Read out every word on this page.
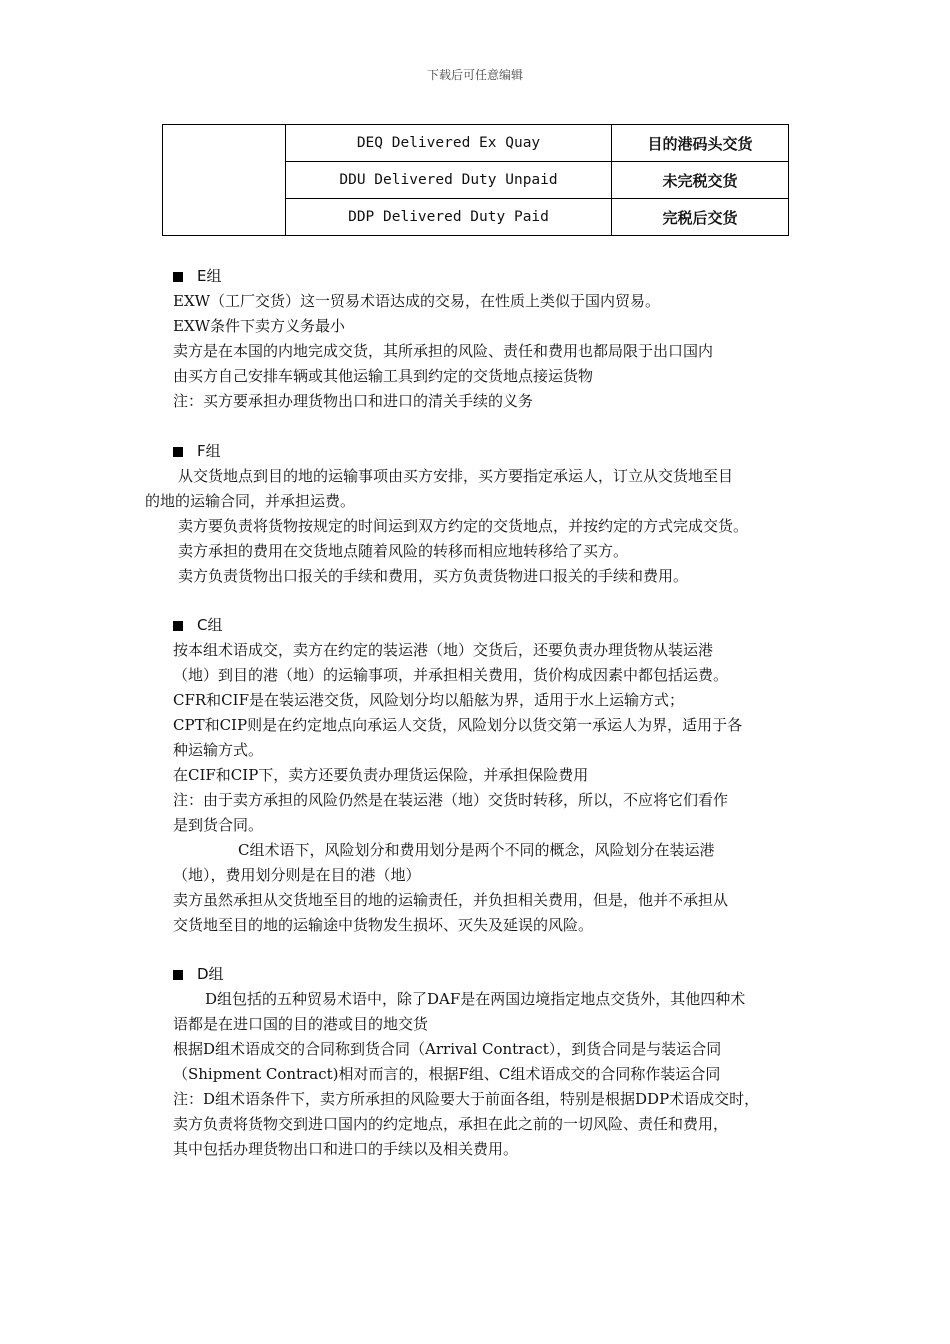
下载后可任意编辑
	DEQ Delivered Ex Quay	目的港码头交货
	DDU Delivered Duty Unpaid	未完税交货
	DDP Delivered Duty Paid	完税后交货
E组
EXW（工厂交货）这一贸易术语达成的交易，在性质上类似于国内贸易。
EXW条件下卖方义务最小
卖方是在本国的内地完成交货，其所承担的风险、责任和费用也都局限于出口国内
由买方自己安排车辆或其他运输工具到约定的交货地点接运货物
注：买方要承担办理货物出口和进口的清关手续的义务
F组
从交货地点到目的地的运输事项由买方安排，买方要指定承运人，订立从交货地至目
的地的运输合同，并承担运费。
卖方要负责将货物按规定的时间运到双方约定的交货地点，并按约定的方式完成交货。
卖方承担的费用在交货地点随着风险的转移而相应地转移给了买方。
卖方负责货物出口报关的手续和费用，买方负责货物进口报关的手续和费用。
C组
按本组术语成交，卖方在约定的装运港（地）交货后，还要负责办理货物从装运港
（地）到目的港（地）的运输事项，并承担相关费用，货价构成因素中都包括运费。
CFR和CIF是在装运港交货，风险划分均以船舷为界，适用于水上运输方式；
CPT和CIP则是在约定地点向承运人交货，风险划分以货交第一承运人为界，适用于各
种运输方式。
在CIF和CIP下，卖方还要负责办理货运保险，并承担保险费用
注：由于卖方承担的风险仍然是在装运港（地）交货时转移，所以，不应将它们看作
是到货合同。
C组术语下，风险划分和费用划分是两个不同的概念，风险划分在装运港
（地），费用划分则是在目的港（地）
卖方虽然承担从交货地至目的地的运输责任，并负担相关费用，但是，他并不承担从
交货地至目的地的运输途中货物发生损坏、灭失及延误的风险。
D组
D组包括的五种贸易术语中，除了DAF是在两国边境指定地点交货外，其他四种术
语都是在进口国的目的港或目的地交货
根据D组术语成交的合同称到货合同（Arrival Contract），到货合同是与装运合同
（Shipment Contract)相对而言的，根据F组、C组术语成交的合同称作装运合同
注：D组术语条件下，卖方所承担的风险要大于前面各组，特别是根据DDP术语成交时，
卖方负责将货物交到进口国内的约定地点，承担在此之前的一切风险、责任和费用，
其中包括办理货物出口和进口的手续以及相关费用。
